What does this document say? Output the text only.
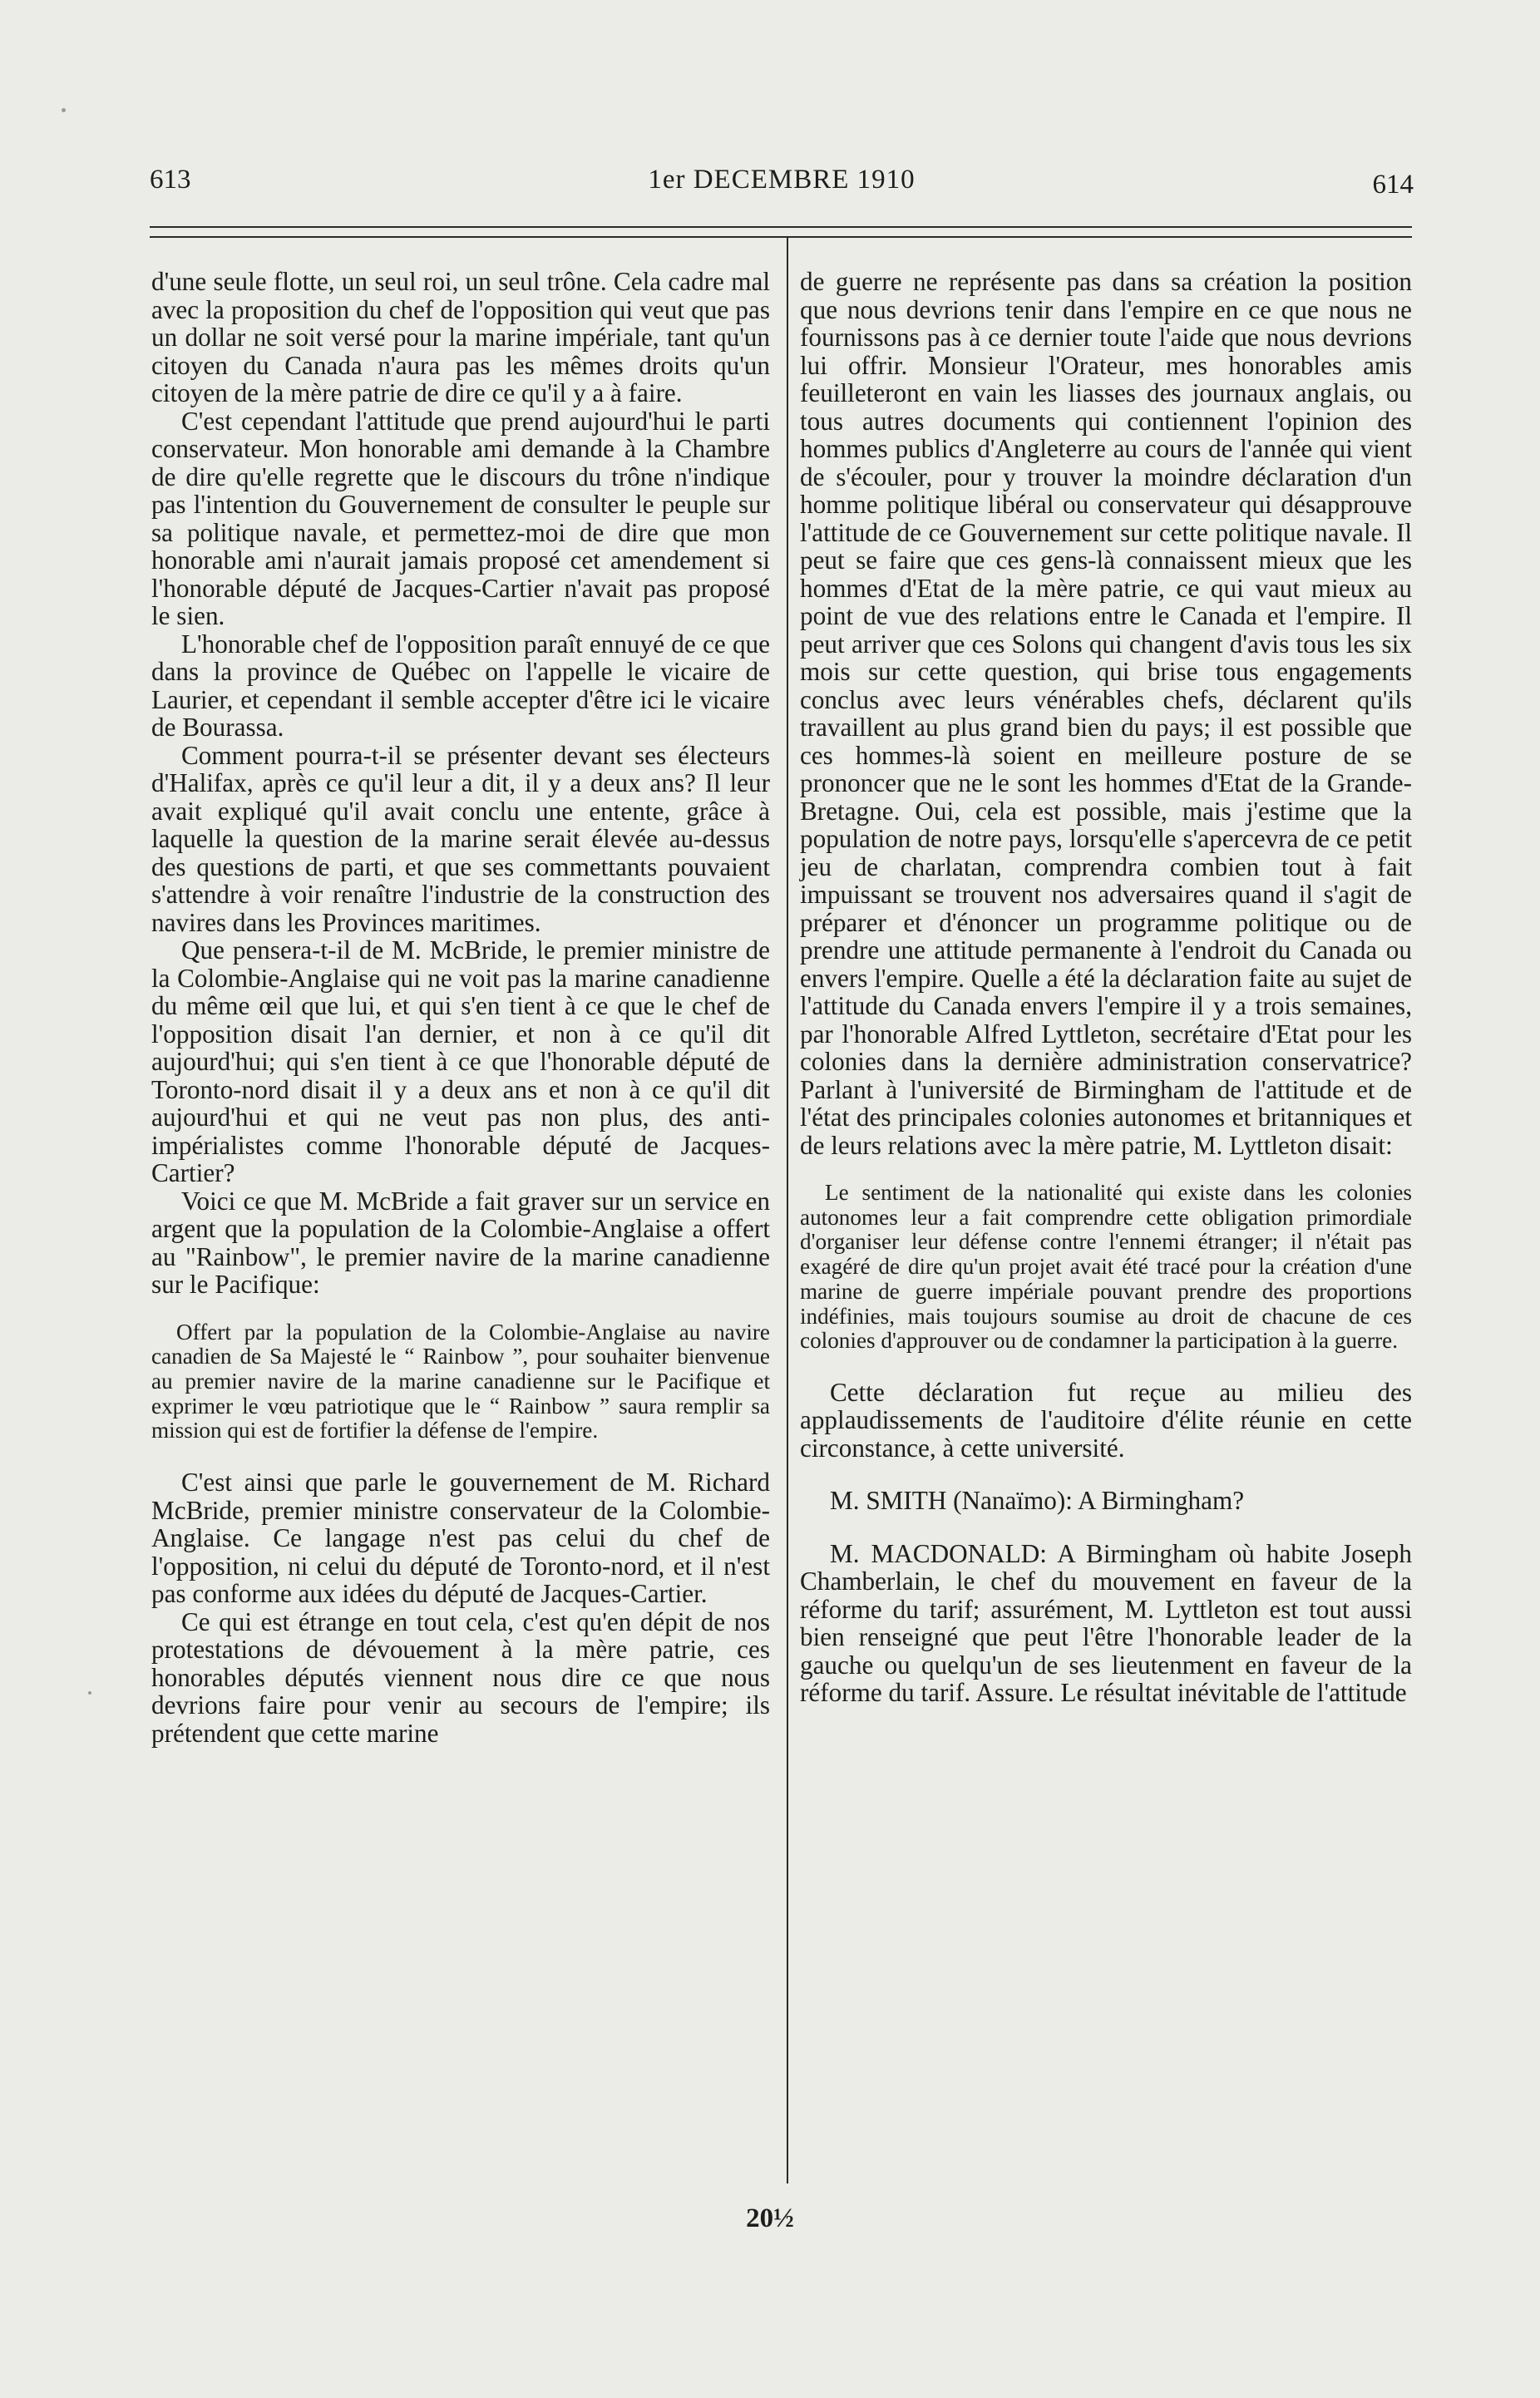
613	1er DECEMBRE 1910	614

d'une seule flotte, un seul roi, un seul trône. Cela cadre mal avec la proposition du chef de l'opposition qui veut que pas un dollar ne soit versé pour la marine impériale, tant qu'un citoyen du Canada n'aura pas les mêmes droits qu'un citoyen de la mère patrie de dire ce qu'il y a à faire.

C'est cependant l'attitude que prend aujourd'hui le parti conservateur. Mon honorable ami demande à la Chambre de dire qu'elle regrette que le discours du trône n'indique pas l'intention du Gouvernement de consulter le peuple sur sa politique navale, et permettez-moi de dire que mon honorable ami n'aurait jamais proposé cet amendement si l'honorable député de Jacques-Cartier n'avait pas proposé le sien.

L'honorable chef de l'opposition paraît ennuyé de ce que dans la province de Québec on l'appelle le vicaire de Laurier, et cependant il semble accepter d'être ici le vicaire de Bourassa.

Comment pourra-t-il se présenter devant ses électeurs d'Halifax, après ce qu'il leur a dit, il y a deux ans? Il leur avait expliqué qu'il avait conclu une entente, grâce à laquelle la question de la marine serait élevée au-dessus des questions de parti, et que ses commettants pouvaient s'attendre à voir renaître l'industrie de la construction des navires dans les Provinces maritimes.

Que pensera-t-il de M. McBride, le premier ministre de la Colombie-Anglaise qui ne voit pas la marine canadienne du même œil que lui, et qui s'en tient à ce que le chef de l'opposition disait l'an dernier, et non à ce qu'il dit aujourd'hui; qui s'en tient à ce que l'honorable député de Toronto-nord disait il y a deux ans et non à ce qu'il dit aujourd'hui et qui ne veut pas non plus, des anti-impérialistes comme l'honorable député de Jacques-Cartier?

Voici ce que M. McBride a fait graver sur un service en argent que la population de la Colombie-Anglaise a offert au "Rainbow", le premier navire de la marine canadienne sur le Pacifique:

Offert par la population de la Colombie-Anglaise au navire canadien de Sa Majesté le “ Rainbow ”, pour souhaiter bienvenue au premier navire de la marine canadienne sur le Pacifique et exprimer le vœu patriotique que le “ Rainbow ” saura remplir sa mission qui est de fortifier la défense de l'empire.

C'est ainsi que parle le gouvernement de M. Richard McBride, premier ministre conservateur de la Colombie-Anglaise. Ce langage n'est pas celui du chef de l'opposition, ni celui du député de Toronto-nord, et il n'est pas conforme aux idées du député de Jacques-Cartier.

Ce qui est étrange en tout cela, c'est qu'en dépit de nos protestations de dévouement à la mère patrie, ces honorables députés viennent nous dire ce que nous devrions faire pour venir au secours de l'empire; ils prétendent que cette marine

de guerre ne représente pas dans sa création la position que nous devrions tenir dans l'empire en ce que nous ne fournissons pas à ce dernier toute l'aide que nous devrions lui offrir. Monsieur l'Orateur, mes honorables amis feuilleteront en vain les liasses des journaux anglais, ou tous autres documents qui contiennent l'opinion des hommes publics d'Angleterre au cours de l'année qui vient de s'écouler, pour y trouver la moindre déclaration d'un homme politique libéral ou conservateur qui désapprouve l'attitude de ce Gouvernement sur cette politique navale. Il peut se faire que ces gens-là connaissent mieux que les hommes d'Etat de la mère patrie, ce qui vaut mieux au point de vue des relations entre le Canada et l'empire. Il peut arriver que ces Solons qui changent d'avis tous les six mois sur cette question, qui brise tous engagements conclus avec leurs vénérables chefs, déclarent qu'ils travaillent au plus grand bien du pays; il est possible que ces hommes-là soient en meilleure posture de se prononcer que ne le sont les hommes d'Etat de la Grande-Bretagne. Oui, cela est possible, mais j'estime que la population de notre pays, lorsqu'elle s'apercevra de ce petit jeu de charlatan, comprendra combien tout à fait impuissant se trouvent nos adversaires quand il s'agit de préparer et d'énoncer un programme politique ou de prendre une attitude permanente à l'endroit du Canada ou envers l'empire. Quelle a été la déclaration faite au sujet de l'attitude du Canada envers l'empire il y a trois semaines, par l'honorable Alfred Lyttleton, secrétaire d'Etat pour les colonies dans la dernière administration conservatrice? Parlant à l'université de Birmingham de l'attitude et de l'état des principales colonies autonomes et britanniques et de leurs relations avec la mère patrie, M. Lyttleton disait:

Le sentiment de la nationalité qui existe dans les colonies autonomes leur a fait comprendre cette obligation primordiale d'organiser leur défense contre l'ennemi étranger; il n'était pas exagéré de dire qu'un projet avait été tracé pour la création d'une marine de guerre impériale pouvant prendre des proportions indéfinies, mais toujours soumise au droit de chacune de ces colonies d'approuver ou de condamner la participation à la guerre.

Cette déclaration fut reçue au milieu des applaudissements de l'auditoire d'élite réunie en cette circonstance, à cette université.

M. SMITH (Nanaïmo): A Birmingham?

M. MACDONALD: A Birmingham où habite Joseph Chamberlain, le chef du mouvement en faveur de la réforme du tarif; assurément, M. Lyttleton est tout aussi bien renseigné que peut l'être l'honorable leader de la gauche ou quelqu'un de ses lieutenment en faveur de la réforme du tarif. Assure. Le résultat inévitable de l'attitude

20½
